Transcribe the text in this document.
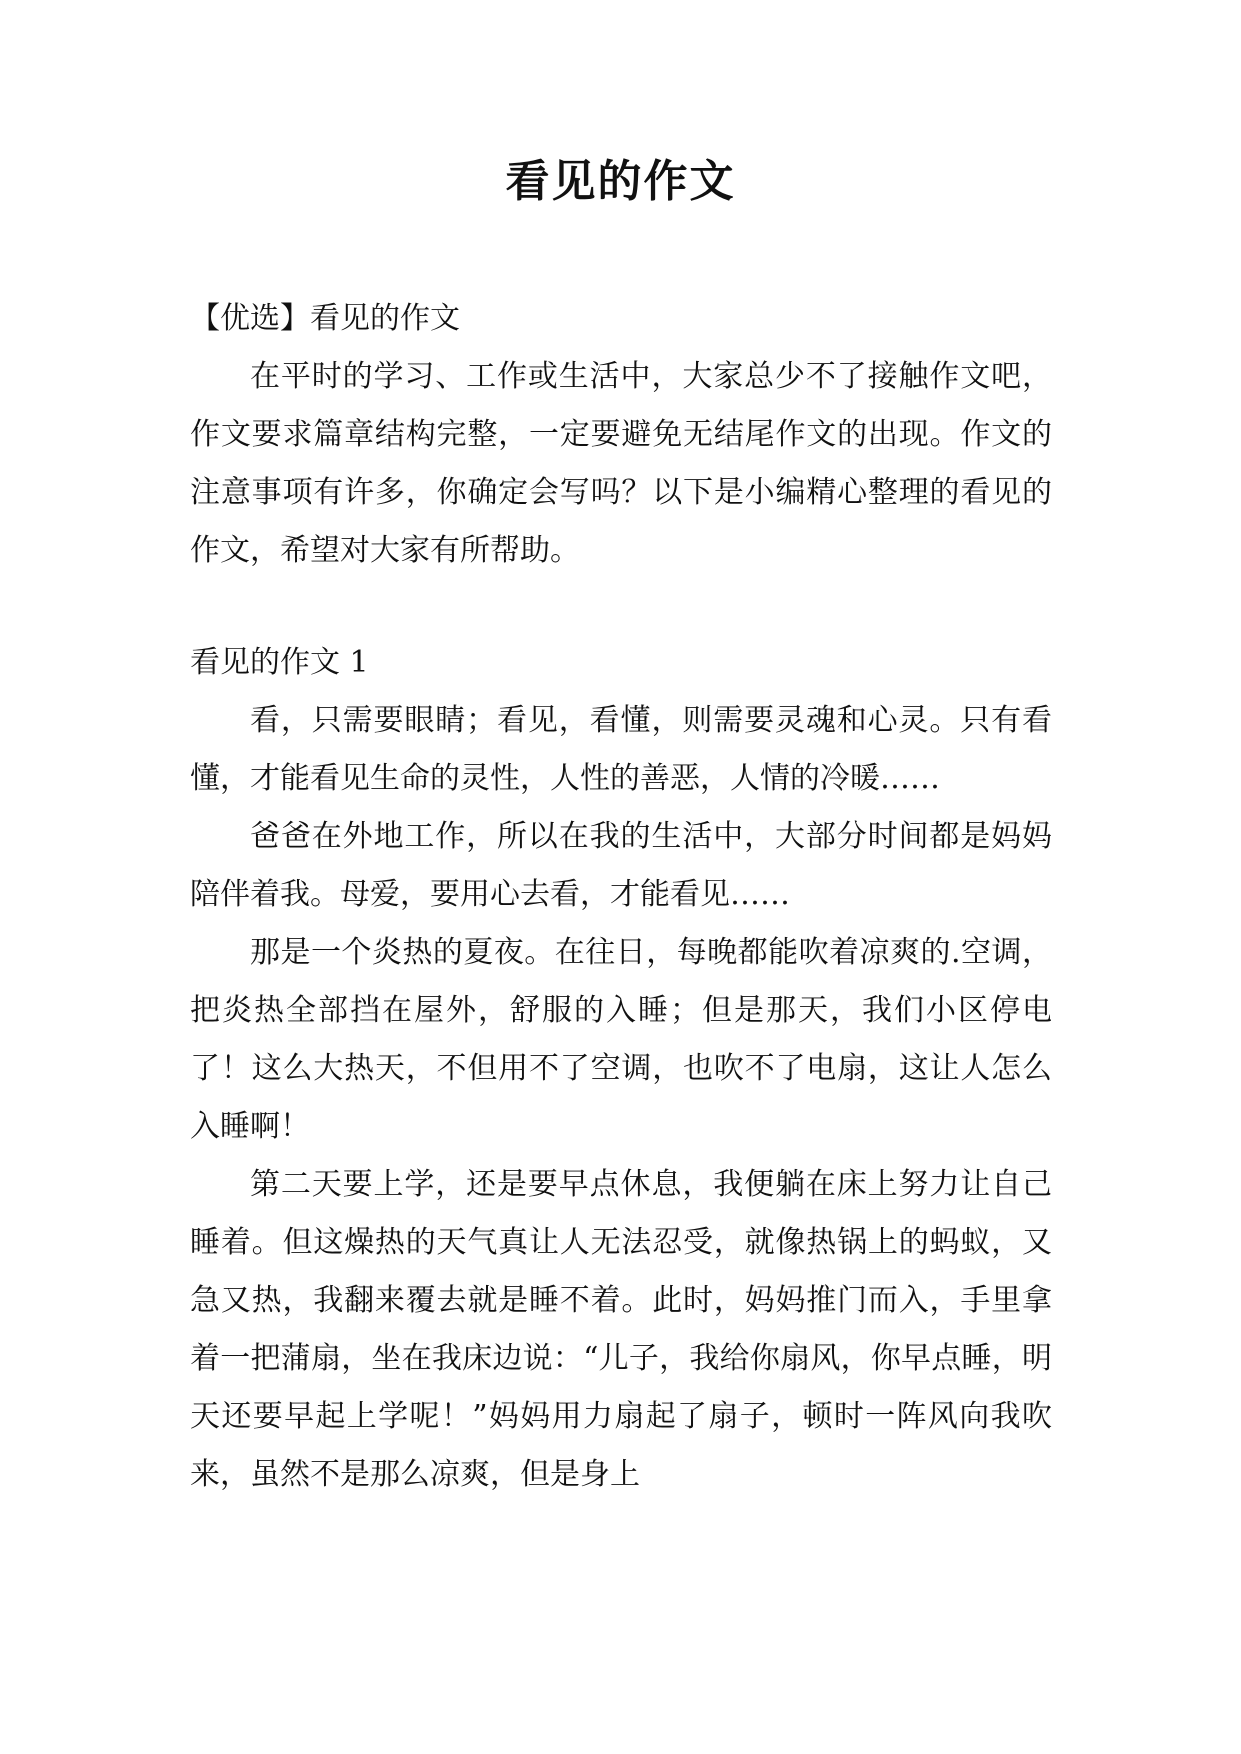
看见的作文

【优选】看见的作文

在平时的学习、工作或生活中，大家总少不了接触作文吧，作文要求篇章结构完整，一定要避免无结尾作文的出现。作文的注意事项有许多，你确定会写吗？以下是小编精心整理的看见的作文，希望对大家有所帮助。

看见的作文 1

看，只需要眼睛；看见，看懂，则需要灵魂和心灵。只有看懂，才能看见生命的灵性，人性的善恶，人情的冷暖……

爸爸在外地工作，所以在我的生活中，大部分时间都是妈妈陪伴着我。母爱，要用心去看，才能看见……

那是一个炎热的夏夜。在往日，每晚都能吹着凉爽的.空调，把炎热全部挡在屋外，舒服的入睡；但是那天，我们小区停电了！这么大热天，不但用不了空调，也吹不了电扇，这让人怎么入睡啊！

第二天要上学，还是要早点休息，我便躺在床上努力让自己睡着。但这燥热的天气真让人无法忍受，就像热锅上的蚂蚁，又急又热，我翻来覆去就是睡不着。此时，妈妈推门而入，手里拿着一把蒲扇，坐在我床边说：“儿子，我给你扇风，你早点睡，明天还要早起上学呢！”妈妈用力扇起了扇子，顿时一阵风向我吹来，虽然不是那么凉爽，但是身上
